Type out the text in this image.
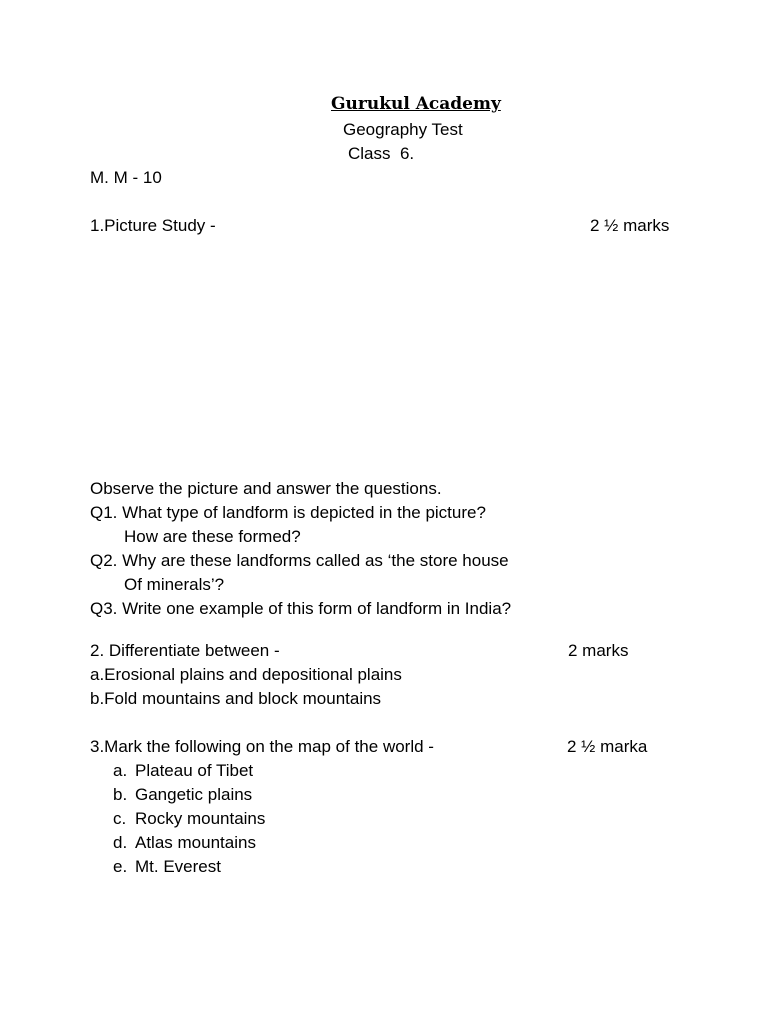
Gurukul Academy
Geography Test
Class  6.
M. M - 10
1.Picture Study -	2 ½ marks
Observe the picture and answer the questions.
Q1. What type of landform is depicted in the picture?
How are these formed?
Q2. Why are these landforms called as ‘the store house
Of minerals’?
Q3. Write one example of this form of landform in India?
2. Differentiate between -	2 marks
a.Erosional plains and depositional plains
b.Fold mountains and block mountains
3.Mark the following on the map of the world -	2 ½ marka
a. Plateau of Tibet
b. Gangetic plains
c. Rocky mountains
d. Atlas mountains
e. Mt. Everest
